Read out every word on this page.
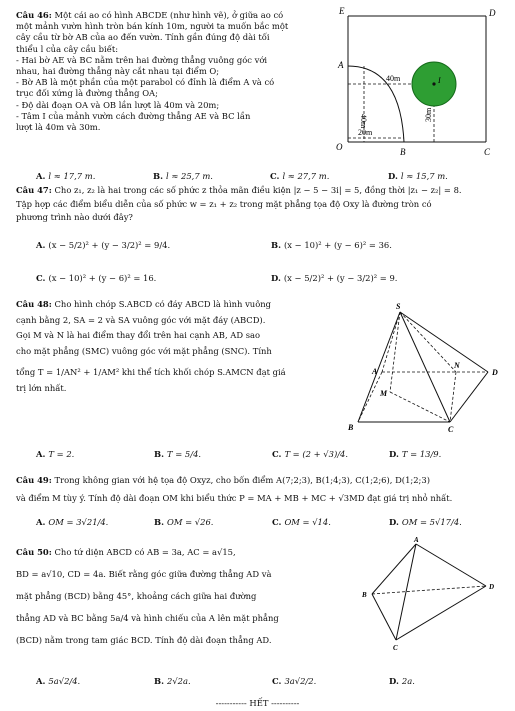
Câu 46: Một cái ao có hình ABCDE (như hình vẽ), ở giữa ao có

một mảnh vườn hình tròn bán kính 10m, người ta muốn bắc một

cây cầu từ bờ AB của ao đến vườn. Tính gần đúng độ dài tối

thiểu l của cây cầu biết:

- Hai bờ AE và BC nằm trên hai đường thẳng vuông góc với

nhau, hai đường thẳng này cắt nhau tại điểm O;

- Bờ AB là một phần của một parabol có đỉnh là điểm A và có

trục đối xứng là đường thẳng OA;

- Độ dài đoạn OA và OB lần lượt là 40m và 20m;

- Tâm I của mảnh vườn cách đường thẳng AE và BC lần

lượt là 40m và 30m.

E	D
A
O	B	C
I
40m
40m	30m
20m
A. l ≈ 17,7 m.	B. l ≈ 25,7 m.	C. l ≈ 27,7 m.	D. l ≈ 15,7 m.

Câu 47: Cho z₁, z₂ là hai trong các số phức z thỏa mãn điều kiện |z − 5 − 3i| = 5, đồng thời |z₁ − z₂| = 8.

Tập hợp các điểm biểu diễn của số phức w = z₁ + z₂ trong mặt phẳng tọa độ Oxy là đường tròn có

phương trình nào dưới đây?

A. (x − 5/2)² + (y − 3/2)² = 9/4.	B. (x − 10)² + (y − 6)² = 36.
C. (x − 10)² + (y − 6)² = 16.	D. (x − 5/2)² + (y − 3/2)² = 9.

Câu 48: Cho hình chóp S.ABCD có đáy ABCD là hình vuông

cạnh bằng 2, SA = 2 và SA vuông góc với mặt đáy (ABCD).

Gọi M và N là hai điểm thay đổi trên hai cạnh AB, AD sao

cho mặt phẳng (SMC) vuông góc với mặt phẳng (SNC). Tính

tổng T = 1/AN² + 1/AM² khi thể tích khối chóp S.AMCN đạt giá

trị lớn nhất.

S
A
N
D
M
B	C
A. T = 2.	B. T = 5/4.	C. T = (2 + √3)/4.	D. T = 13/9.

Câu 49: Trong không gian với hệ tọa độ Oxyz, cho bốn điểm A(7;2;3), B(1;4;3), C(1;2;6), D(1;2;3)

và điểm M tùy ý. Tính độ dài đoạn OM khi biểu thức P = MA + MB + MC + √3MD đạt giá trị nhỏ nhất.

A. OM = 3√21/4.	B. OM = √26.	C. OM = √14.	D. OM = 5√17/4.

Câu 50: Cho tứ diện ABCD có AB = 3a, AC = a√15,

BD = a√10, CD = 4a. Biết rằng góc giữa đường thẳng AD và

mặt phẳng (BCD) bằng 45°, khoảng cách giữa hai đường

thẳng AD và BC bằng 5a/4 và hình chiếu của A lên mặt phẳng

(BCD) nằm trong tam giác BCD. Tính độ dài đoạn thẳng AD.

A
B
D
C
A. 5a√2/4.	B. 2√2a.	C. 3a√2/2.	D. 2a.
----------- HẾT ----------
